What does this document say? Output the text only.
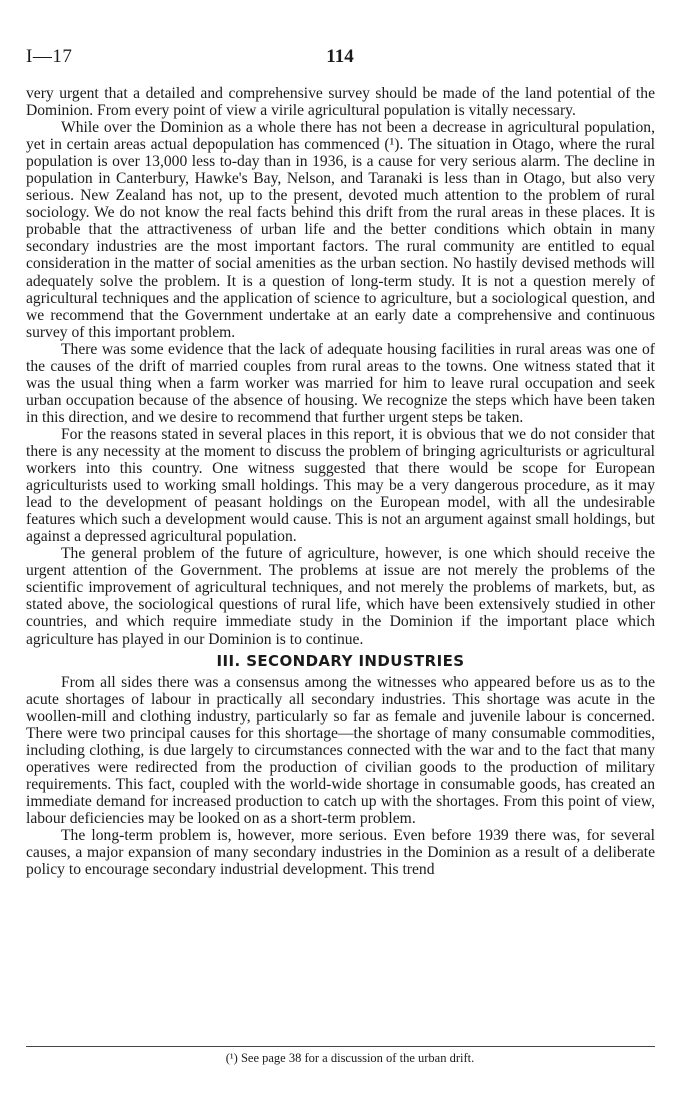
I—17	114

very urgent that a detailed and comprehensive survey should be made of the land potential of the Dominion. From every point of view a virile agricultural population is vitally necessary.

While over the Dominion as a whole there has not been a decrease in agricultural population, yet in certain areas actual depopulation has commenced (¹). The situation in Otago, where the rural population is over 13,000 less to-day than in 1936, is a cause for very serious alarm. The decline in population in Canterbury, Hawke's Bay, Nelson, and Taranaki is less than in Otago, but also very serious. New Zealand has not, up to the present, devoted much attention to the problem of rural sociology. We do not know the real facts behind this drift from the rural areas in these places. It is probable that the attractiveness of urban life and the better conditions which obtain in many secondary industries are the most important factors. The rural community are entitled to equal consideration in the matter of social amenities as the urban section. No hastily devised methods will adequately solve the problem. It is a question of long-term study. It is not a question merely of agricultural techniques and the application of science to agriculture, but a sociological question, and we recommend that the Government undertake at an early date a comprehensive and continuous survey of this important problem.

There was some evidence that the lack of adequate housing facilities in rural areas was one of the causes of the drift of married couples from rural areas to the towns. One witness stated that it was the usual thing when a farm worker was married for him to leave rural occupation and seek urban occupation because of the absence of housing. We recognize the steps which have been taken in this direction, and we desire to recommend that further urgent steps be taken.

For the reasons stated in several places in this report, it is obvious that we do not consider that there is any necessity at the moment to discuss the problem of bringing agriculturists or agricultural workers into this country. One witness suggested that there would be scope for European agriculturists used to working small holdings. This may be a very dangerous procedure, as it may lead to the development of peasant holdings on the European model, with all the undesirable features which such a development would cause. This is not an argument against small holdings, but against a depressed agricultural population.

The general problem of the future of agriculture, however, is one which should receive the urgent attention of the Government. The problems at issue are not merely the problems of the scientific improvement of agricultural techniques, and not merely the problems of markets, but, as stated above, the sociological questions of rural life, which have been extensively studied in other countries, and which require immediate study in the Dominion if the important place which agriculture has played in our Dominion is to continue.

III. SECONDARY INDUSTRIES

From all sides there was a consensus among the witnesses who appeared before us as to the acute shortages of labour in practically all secondary industries. This shortage was acute in the woollen-mill and clothing industry, particularly so far as female and juvenile labour is concerned. There were two principal causes for this shortage—the shortage of many consumable commodities, including clothing, is due largely to circumstances connected with the war and to the fact that many operatives were redirected from the production of civilian goods to the production of military requirements. This fact, coupled with the world-wide shortage in consumable goods, has created an immediate demand for increased production to catch up with the shortages. From this point of view, labour deficiencies may be looked on as a short-term problem.

The long-term problem is, however, more serious. Even before 1939 there was, for several causes, a major expansion of many secondary industries in the Dominion as a result of a deliberate policy to encourage secondary industrial development. This trend

(¹) See page 38 for a discussion of the urban drift.
